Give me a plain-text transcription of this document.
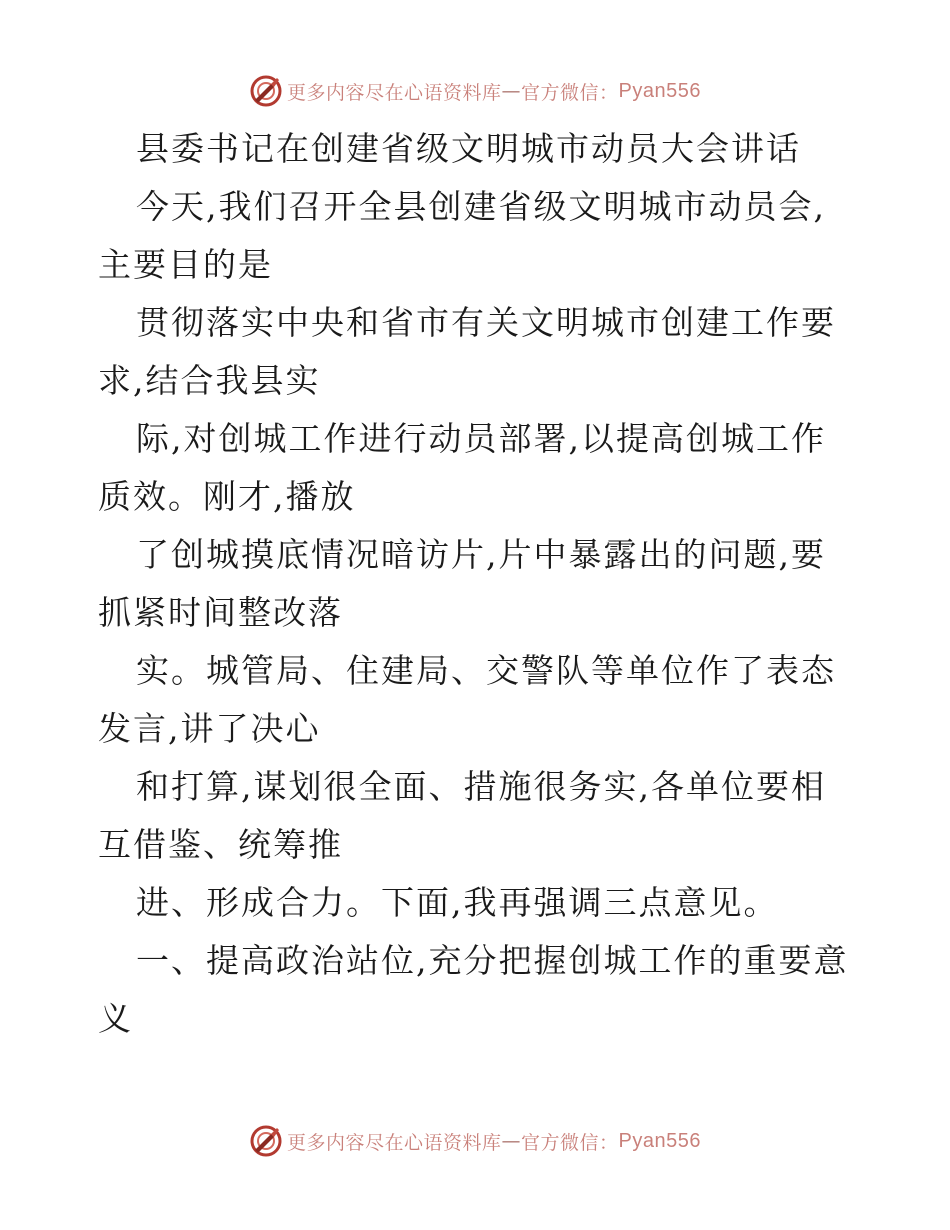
更多内容尽在心语资料库 — 官方微信： Pyan556

县委书记在创建省级文明城市动员大会讲话

今天,我们召开全县创建省级文明城市动员会,主要目的是

贯彻落实中央和省市有关文明城市创建工作要求,结合我县实

际,对创城工作进行动员部署,以提高创城工作质效。刚才,播放

了创城摸底情况暗访片,片中暴露出的问题,要抓紧时间整改落

实。城管局、住建局、交警队等单位作了表态发言,讲了决心

和打算,谋划很全面、措施很务实,各单位要相互借鉴、统筹推

进、形成合力。下面,我再强调三点意见。

一、提高政治站位,充分把握创城工作的重要意义

更多内容尽在心语资料库 — 官方微信： Pyan556
